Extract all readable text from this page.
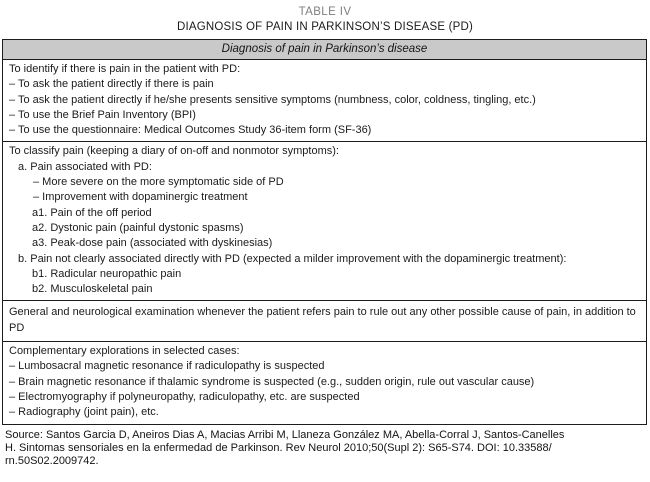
TABLE IV
DIAGNOSIS OF PAIN IN PARKINSON’S DISEASE (PD)
Diagnosis of pain in Parkinson’s disease
To identify if there is pain in the patient with PD:
– To ask the patient directly if there is pain
– To ask the patient directly if he/she presents sensitive symptoms (numbness, color, coldness, tingling, etc.)
– To use the Brief Pain Inventory (BPI)
– To use the questionnaire: Medical Outcomes Study 36-item form (SF-36)
To classify pain (keeping a diary of on-off and nonmotor symptoms):
a. Pain associated with PD:
– More severe on the more symptomatic side of PD
– Improvement with dopaminergic treatment
a1. Pain of the off period
a2. Dystonic pain (painful dystonic spasms)
a3. Peak-dose pain (associated with dyskinesias)
b. Pain not clearly associated directly with PD (expected a milder improvement with the dopaminergic treatment):
b1. Radicular neuropathic pain
b2. Musculoskeletal pain
General and neurological examination whenever the patient refers pain to rule out any other possible cause of pain, in addition to PD
Complementary explorations in selected cases:
– Lumbosacral magnetic resonance if radiculopathy is suspected
– Brain magnetic resonance if thalamic syndrome is suspected (e.g., sudden origin, rule out vascular cause)
– Electromyography if polyneuropathy, radiculopathy, etc. are suspected
– Radiography (joint pain), etc.
Source: Santos Garcia D, Aneiros Dias A, Macias Arribi M, Llaneza González MA, Abella-Corral J, Santos-Canelles
H. Sintomas sensoriales en la enfermedad de Parkinson. Rev Neurol 2010;50(Supl 2): S65-S74. DOI: 10.33588/
rn.50S02.2009742.
